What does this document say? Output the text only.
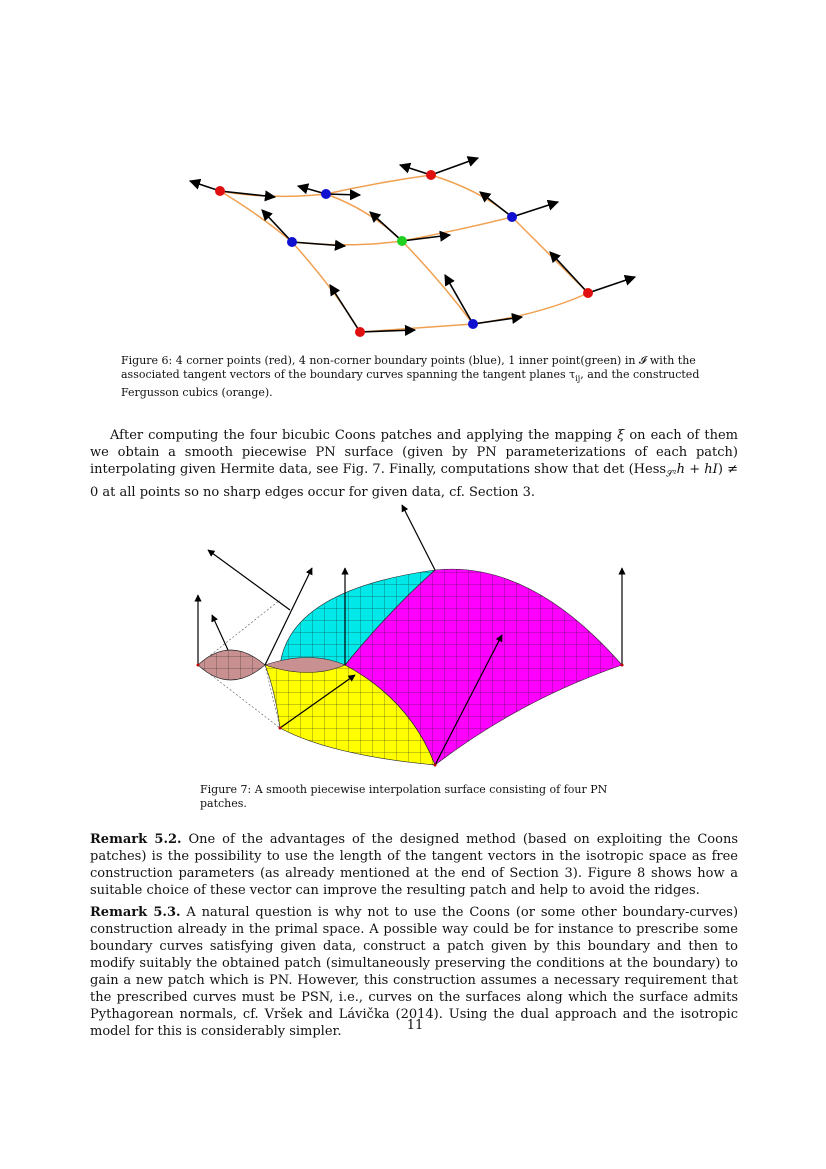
Figure 6: 4 corner points (red), 4 non-corner boundary points (blue), 1 inner point(green) in 𝓘 with the associated tangent vectors of the boundary curves spanning the tangent planes $\tau_{ij}$, and the constructed Fergusson cubics (orange).
After computing the four bicubic Coons patches and applying the mapping ξ on each of them we obtain a smooth piecewise PN surface (given by PN parameterizations of each patch) interpolating given Hermite data, see Fig. 7. Finally, computations show that det (Hess$_{𝒮^2}$h + hI) ≠ 0 at all points so no sharp edges occur for given data, cf. Section 3.
Figure 7: A smooth piecewise interpolation surface consisting of four PN patches.
Remark 5.2. One of the advantages of the designed method (based on exploiting the Coons patches) is the possibility to use the length of the tangent vectors in the isotropic space as free construction parameters (as already mentioned at the end of Section 3). Figure 8 shows how a suitable choice of these vector can improve the resulting patch and help to avoid the ridges.
Remark 5.3. A natural question is why not to use the Coons (or some other boundary-curves) construction already in the primal space. A possible way could be for instance to prescribe some boundary curves satisfying given data, construct a patch given by this boundary and then to modify suitably the obtained patch (simultaneously preserving the conditions at the boundary) to gain a new patch which is PN. However, this construction assumes a necessary requirement that the prescribed curves must be PSN, i.e., curves on the surfaces along which the surface admits Pythagorean normals, cf. Vršek and Lávička (2014). Using the dual approach and the isotropic model for this is considerably simpler.	11
